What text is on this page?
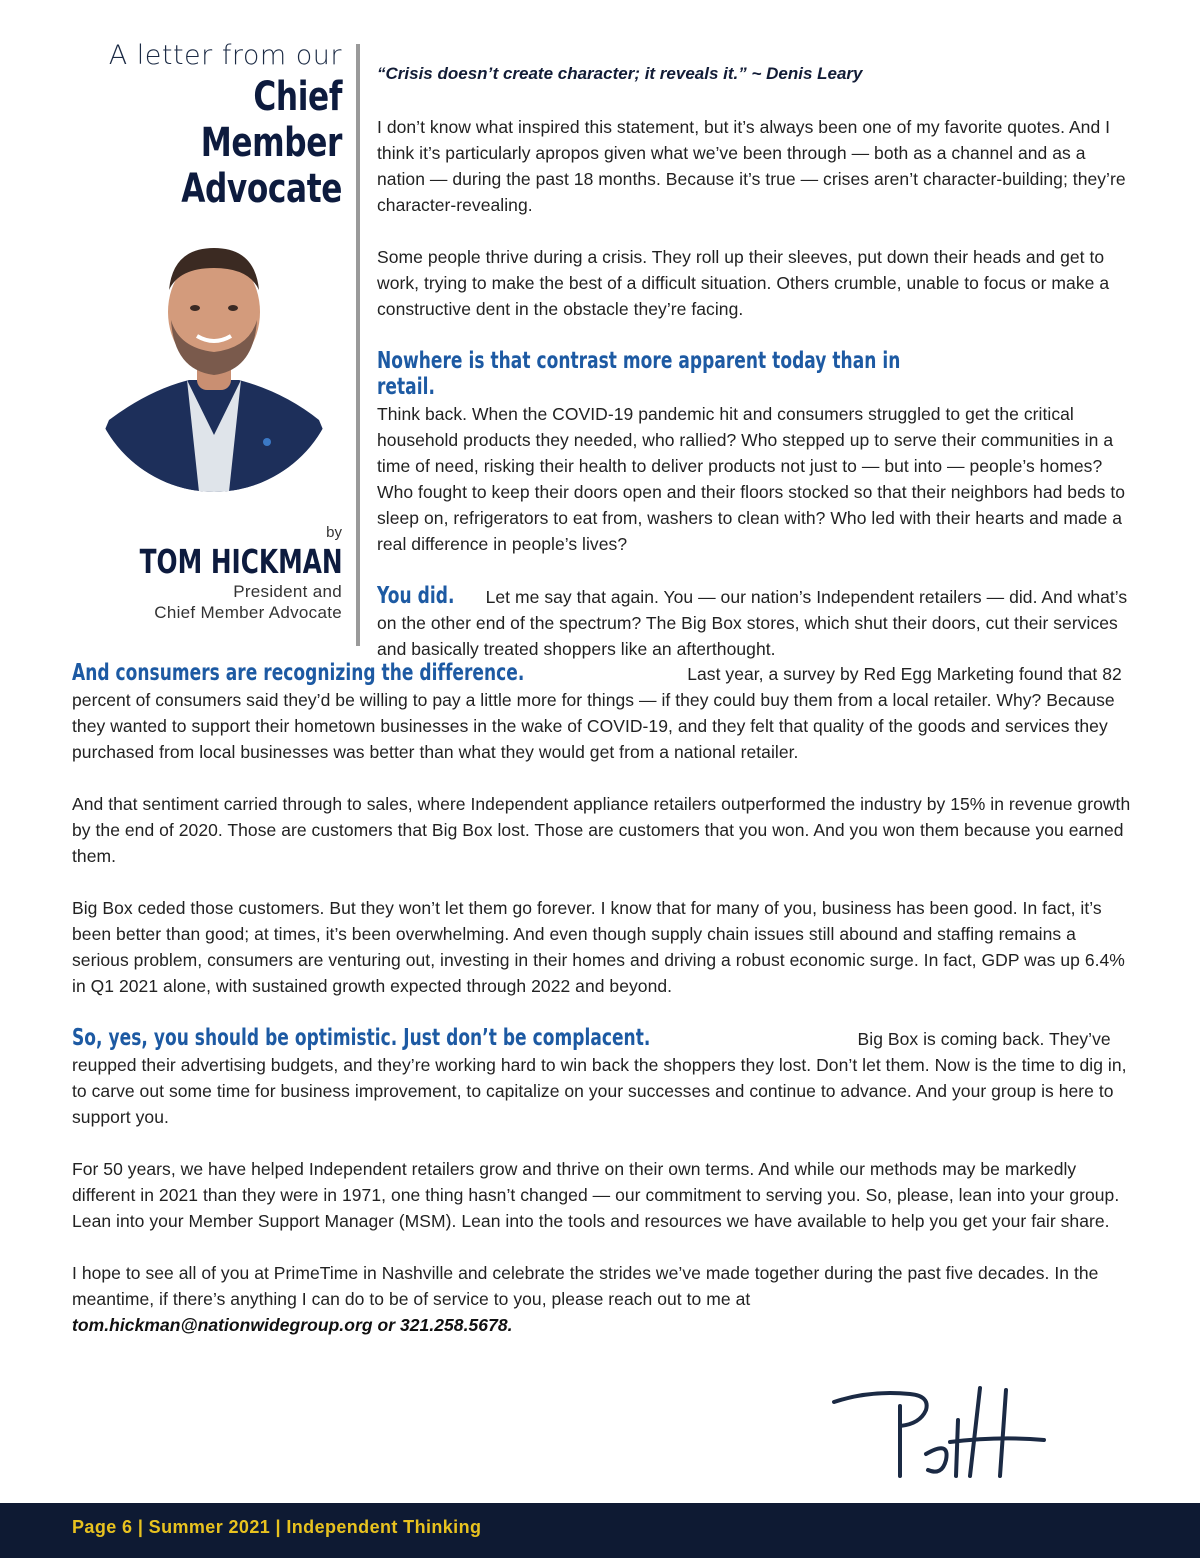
A letter from our

Chief Member

Advocate

by TOM HICKMAN

President and

Chief Member Advocate

“Crisis doesn’t create character; it reveals it.” ~ Denis Leary

I don’t know what inspired this statement, but it’s always been one of my favorite quotes. And I think it’s particularly apropos given what we’ve been through — both as a channel and as a nation — during the past 18 months. Because it’s true — crises aren’t character-building; they’re character-revealing.

Some people thrive during a crisis. They roll up their sleeves, put down their heads and get to work, trying to make the best of a difficult situation. Others crumble, unable to focus or make a constructive dent in the obstacle they’re facing.

Nowhere is that contrast more apparent today than in retail. Think back. When the COVID-19 pandemic hit and consumers struggled to get the critical household products they needed, who rallied? Who stepped up to serve their communities in a time of need, risking their health to deliver products not just to — but into — people’s homes? Who fought to keep their doors open and their floors stocked so that their neighbors had beds to sleep on, refrigerators to eat from, washers to clean with? Who led with their hearts and made a real difference in people’s lives?

You did. Let me say that again. You — our nation’s Independent retailers — did. And what’s on the other end of the spectrum? The Big Box stores, which shut their doors, cut their services and basically treated shoppers like an afterthought.

And consumers are recognizing the difference.	Last year, a survey by Red Egg Marketing found that 82 percent of consumers said they’d be willing to pay a little more for things — if they could buy them from a local retailer. Why? Because they wanted to support their hometown businesses in the wake of COVID-19, and they felt that quality of the goods and services they purchased from local businesses was better than what they would get from a national retailer.

And that sentiment carried through to sales, where Independent appliance retailers outperformed the industry by 15% in revenue growth by the end of 2020. Those are customers that Big Box lost. Those are customers that you won. And you won them because you earned them.

Big Box ceded those customers. But they won’t let them go forever. I know that for many of you, business has been good. In fact, it’s been better than good; at times, it’s been overwhelming. And even though supply chain issues still abound and staffing remains a serious problem, consumers are venturing out, investing in their homes and driving a robust economic surge. In fact, GDP was up 6.4% in Q1 2021 alone, with sustained growth expected through 2022 and beyond.

So, yes, you should be optimistic. Just don’t be complacent.	Big Box is coming back. They’ve reupped their advertising budgets, and they’re working hard to win back the shoppers they lost. Don’t let them. Now is the time to dig in, to carve out some time for business improvement, to capitalize on your successes and continue to advance. And your group is here to support you.

For 50 years, we have helped Independent retailers grow and thrive on their own terms. And while our methods may be markedly different in 2021 than they were in 1971, one thing hasn’t changed — our commitment to serving you. So, please, lean into your group. Lean into your Member Support Manager (MSM). Lean into the tools and resources we have available to help you get your fair share.

I hope to see all of you at PrimeTime in Nashville and celebrate the strides we’ve made together during the past five decades. In the meantime, if there’s anything I can do to be of service to you, please reach out to me at
tom.hickman@nationwidegroup.org or 321.258.5678.

Page 6 | Summer 2021 | Independent Thinking
